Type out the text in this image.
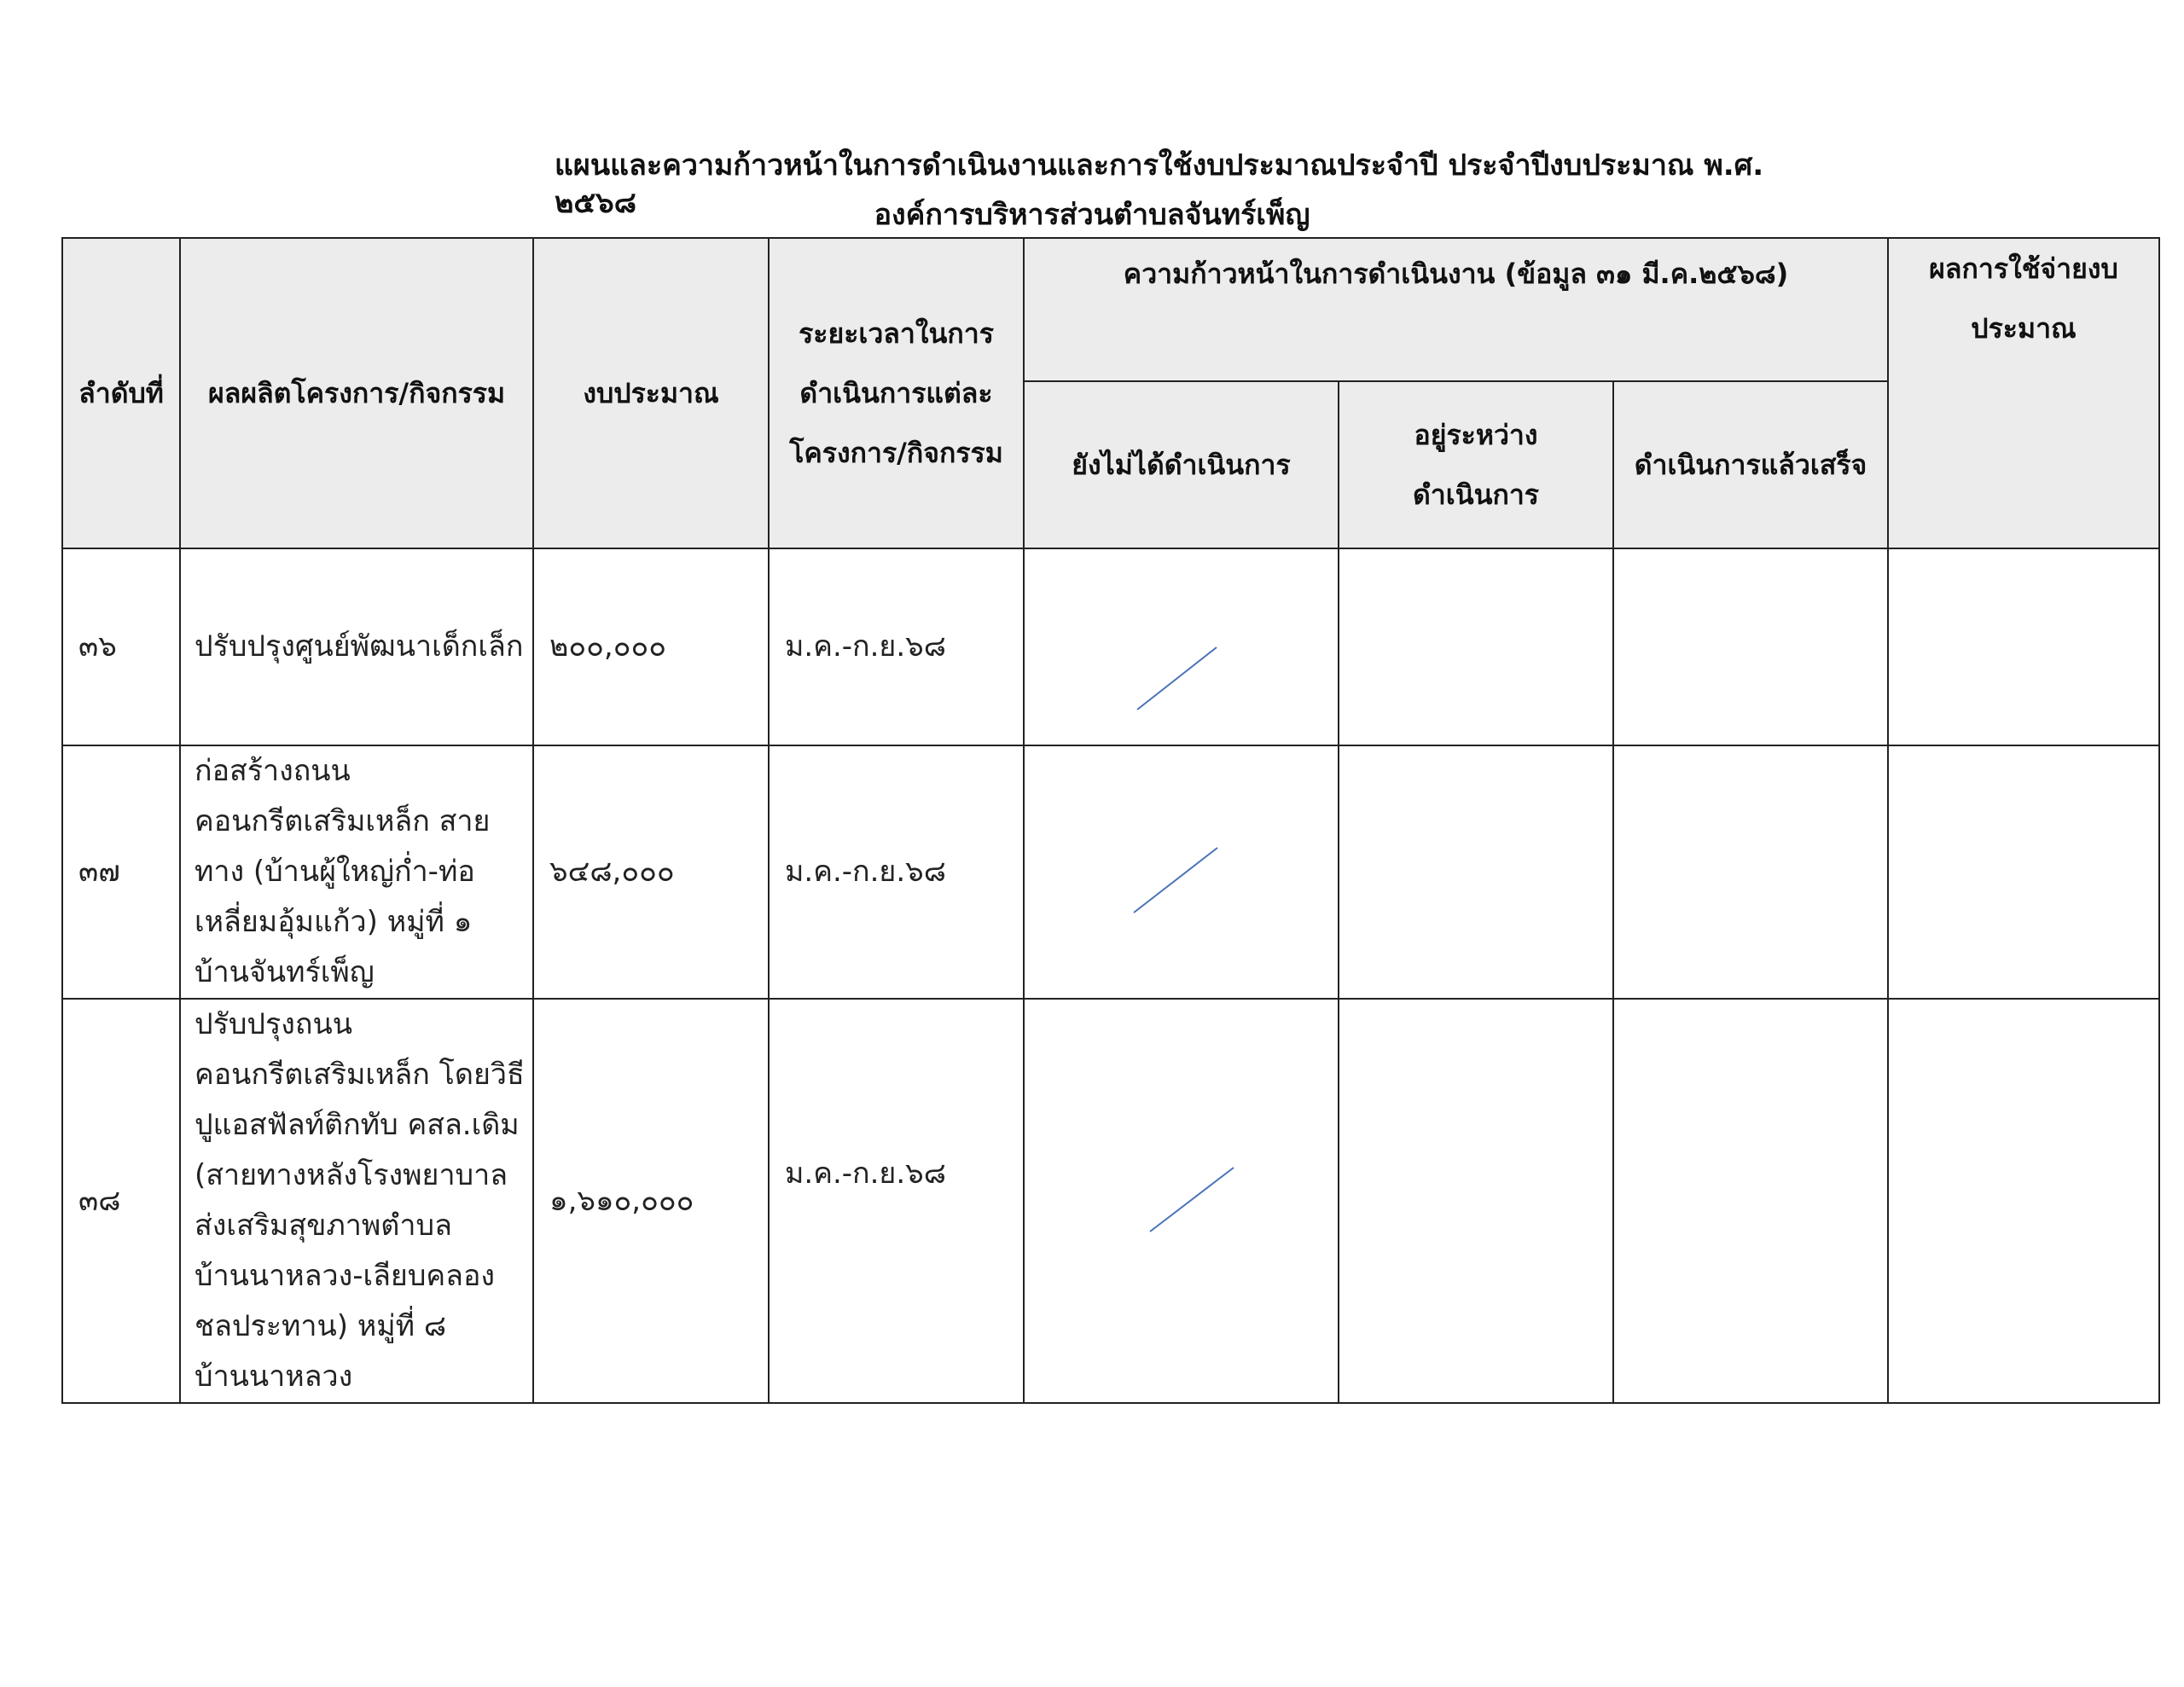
แผนและความก้าวหน้าในการดำเนินงานและการใช้งบประมาณประจำปี ประจำปีงบประมาณ พ.ศ. ๒๕๖๘	องค์การบริหารส่วนตำบลจันทร์เพ็ญ
ลำดับที่	ผลผลิตโครงการ/กิจกรรม	งบประมาณ	ระยะเวลาในการดำเนินการแต่ละโครงการ/กิจกรรม	ความก้าวหน้าในการดำเนินงาน (ข้อมูล ๓๑ มี.ค.๒๕๖๘)			ผลการใช้จ่ายงบประมาณ
				ยังไม่ได้ดำเนินการ	อยู่ระหว่างดำเนินการ	ดำเนินการแล้วเสร็จ	
๓๖	ปรับปรุงศูนย์พัฒนาเด็กเล็ก	๒๐๐,๐๐๐	ม.ค.-ก.ย.๖๘	

๓๗	ก่อสร้างถนนคอนกรีตเสริมเหล็ก สายทาง (บ้านผู้ใหญ่ก่ำ-ท่อเหลี่ยมอุ้มแก้ว) หมู่ที่ ๑ บ้านจันทร์เพ็ญ	๖๔๘,๐๐๐	ม.ค.-ก.ย.๖๘	

๓๘	ปรับปรุงถนนคอนกรีตเสริมเหล็ก โดยวิธีปูแอสฟัลท์ติกทับ คสล.เดิม (สายทางหลังโรงพยาบาลส่งเสริมสุขภาพตำบลบ้านนาหลวง-เลียบคลองชลประทาน) หมู่ที่ ๘ บ้านนาหลวง	๑,๖๑๐,๐๐๐	ม.ค.-ก.ย.๖๘	
